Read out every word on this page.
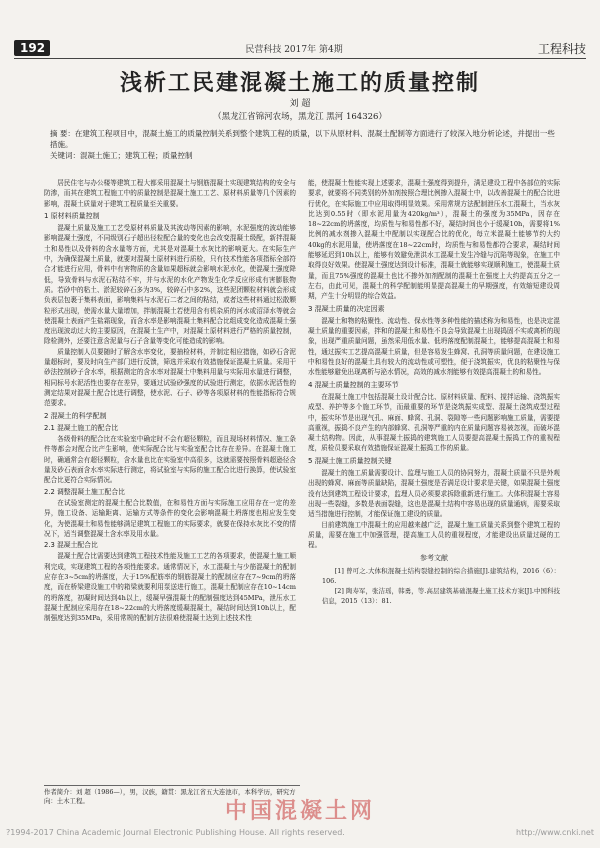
192	民营科技 2017年 第4期	工程科技
浅析工民建混凝土施工的质量控制
刘 超
（黑龙江省锦河农场，黑龙江 黑河 164326）

摘 要：在建筑工程项目中，混凝土施工的质量控制关系到整个建筑工程的质量，以下从原材料、混凝土配制等方面进行了较深入地分析论述，并提出一些措施。

关键词：混凝土施工；建筑工程；质量控制

居民住宅与办公楼等建筑工程大都采用混凝土与钢筋混凝土实现建筑结构的安全与防渗，而其在建筑工程施工中的质量控制是混凝土施工工艺、原材料质量等几个因素的影响，混凝土质量对于建筑工程质量至关重要。

1 原材料质量控制

混凝土质量及施工工艺受原材料质量及其波动等因素的影响，水泥强度的波动能够影响混凝土强度，不同级别石子超出径粒配合量的变化也会改变混凝土级配，新拌混凝土和易性以及骨料的含水量等方面，尤其是对混凝土水灰比的影响更大。在实际生产中，为确保混凝土质量，就要对混凝土原材料进行质检，只有技术性能各项指标全部符合才能进行应用，骨料中有害物质的含量如果超标就会影响水泥水化，使混凝土强度降低，导致骨料与水泥石粘结不牢，并与水泥的水化产物发生化学反应形成有害膨胀物质。若砂中的粘土、淤泥较碎石多为3%，较碎石中多2%，这些泥团颗粒材料就会形成负表层包裹于集料表面，影响集料与水泥石二者之间的粘结，或者这些材料通过松散颗粒形式出现，使需水量大量增加，拌制混凝土若使用含有机杂质的河水或沼泽水等就会使混凝土表面产生盐霜现象，而含水率是影响混凝土集料配合比组成变化造成混凝土强度出现波动过大的主要原因，在混凝土生产中，对混凝土原材料进行严格的质量控制，除检测外，还要注意含泥量与石子含量等变化可能造成的影响。

质量控制人员要随时了解含水率变化，要抽检材料，并制定相应措施，如砂石含泥量超标时，要及时向生产部门进行反馈，筛选并采取有效措施保证混凝土质量。采用干砂法控制砂子含水率，根据测定的含水率对混凝土中集料用量与实际用水量进行调整，相同标号水泥活性也要存在差异，要通过试验砂强度的试验进行测定，依据水泥活性的测定结果对混凝土配合比进行调整，使水泥、石子、砂等各项原材料的性能指标符合规范要求。

2 混凝土的科学配制
2.1 混凝土施工的配合比

各级骨料的配合比在实验室中确定时不会有超径颗粒，而且现场材料情况、施工条件等都会对配合比产生影响，使实际配合比与实验室配合比存在差异。在混凝土施工时，确通常会有超径颗粒，含水量也比在实验室中高很多，这就需要按照骨料超逊径含量及砂石表面含水率实际进行测定，将试验室与实际的施工配合比进行换算，使试验室配合比更符合实际情况。

2.2 调整混凝土施工配合比

在试验室测定的混凝土配合比数值，在和易性方面与实际施工应用存在一定的差异，施工设备、运输距离、运输方式等条件的变化会影响混凝土坍落度也相应发生变化，为使混凝土和易性能够满足建筑工程施工的实际要求，就要在保持水灰比不变的情况下，适当调整混凝土含水率及用水量。

2.3 混凝土配合比

混凝土配合比需要达到建筑工程技术性能及施工工艺的各项要求，使混凝土施工顺利完成，实现建筑工程的各项性能要求。通常情况下，水工混凝土与少筋混凝土的配制应存在3~5cm的坍落度，大于15%配筋率的钢筋混凝土的配制应存在7~9cm的坍落度，而在桥梁建设施工中的箱梁就要利用泵送进行施工，混凝土配制应存在10~14cm的坍落度，初凝时间达到4h以上，缓凝早强混凝土的配制强度达到45MPa，泄压水工混凝土配制应采用存在18~22cm的大坍落度缓凝混凝土，凝结时间达到10h以上，配制强度达到35MPa，采用常规的配制方法很难使混凝土达到上述技术性

能，使混凝土性能实现上述要求，混凝土强度得到提升，满足建设工程中各部位的实际要求，就要将不同类别的外加剂按照合理比例掺入混凝土中，以改善混凝土的配合比进行优化，在实际施工中应用取得明显效果。采用常规方法配制泄压水工混凝土，当水灰比达到0.55时（即水泥用量为420kg/m³），混凝土的强度为35MPa，因存在18~22cm的坍落度，均质性与和易性都不好，凝结时间也小于缓凝10h，需要将1%比例的减水剂掺入混凝土中配制以实现配合比的优化，每立米混凝土能够节约大约40kg的水泥用量，使坍落度在18~22cm时，均质性与和易性都符合要求，凝结时间能够延迟到10h以上，能够有效避免泄洪水工混凝土发生冷缝与沉陷等现象，在施工中取得良好效果。使混凝土强度达到设计标准，混凝土就能够实现顺利施工，使混凝土质量，而且75%强度的混凝土也比不掺外加剂配制的混凝土在强度上大约提高五分之一左右，由此可见，混凝土的科学配制能明显提高混凝土的早期强度，有效缩短建设周期，产生十分明显的综合效益。

3 混凝土质量的决定因素

混凝土和物的粘聚性、流动性、保水性等多种性能的描述称为和易性，也是决定混凝土质量的重要因素，拌和的混凝土和易性不良会导致混凝土出现捣固不实或离析的现象，出现严重质量问题，虽然采用低水量、低坍落度配制混凝土，能够提高混凝土和易性，通过振实工艺提高混凝土质量，但是容易发生蜂窝、孔洞等质量问题，在建设施工中和易性良好的混凝土具有较大的流动性或可塑性，便于浇筑振实，优良的粘聚性与保水性能够避免出现离析与泌水情况，高效的减水剂能够有效提高混凝土的和易性。

4 混凝土质量控制的主要环节

在混凝土施工中包括混凝土设计配合比、原材料质量、配料、搅拌运输、浇筑振实成型、养护等多个施工环节，而最重要的环节是浇筑振实成型、混凝土浇筑成型过程中，振实环节是出现气孔、麻面、蜂窝、孔洞、裂隙等一些问题影响施工质量，需要提高重视，振捣不良产生的内部蜂窝、孔洞等严重的内在质量问题容易被忽视，而破坏混凝土结构物。因此，从事混凝土振捣的建筑施工人员要提高混凝土振捣工作的重视程度，质检员要采取有效措施保证混凝土振捣工作的质量。

5 混凝土施工质量控制关键

混凝土的施工质量需要设计、监理与施工人员的协同努力，混凝土质量不只是外观出现的蜂窝、麻面等质量缺陷，混凝土强度是否满足设计要求是关键，如果混凝土强度没有达到建筑工程设计要求，监理人员必须要求拆除重新进行施工。大体积混凝土容易出现一些裂缝，多数是表面裂缝，这也是混凝土结构中容易出现的质量通病，需要采取适当措施进行控制，才能保证施工建设的质量。

目前建筑施工中混凝土的应用越来越广泛，混凝土施工质量关系到整个建筑工程的质量，需要在施工中加强管理，提高施工人员的重视程度，才能建设出质量过硬的工程。

参考文献

[1] 曾可之.大体积混凝土结构裂缝控制的综合措施[J].建筑结构，2016（6）：106.

[2] 陶寿军，张洁瑶，韩勇，等.高层建筑基础混凝土施工技术方案[J].中国科技信息，2015（13）：81.

作者简介：刘 超（1986—），男，汉族，籍贯：黑龙江省五大连池市，本科学历，研究方向：土木工程。	中国混凝土网
?1994-2017 China Academic Journal Electronic Publishing House. All rights reserved.	http://www.cnki.net
